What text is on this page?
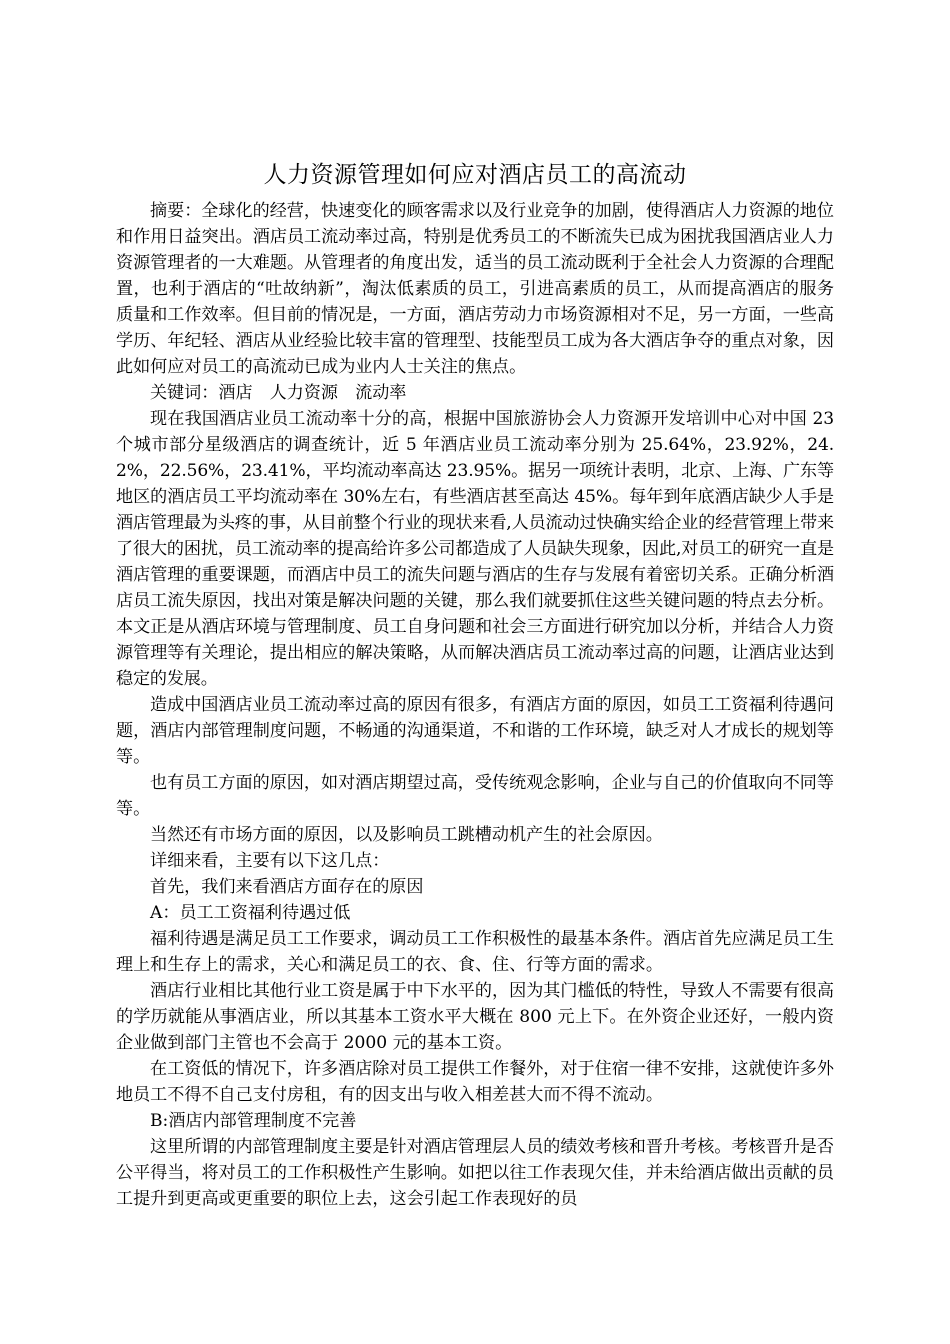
人力资源管理如何应对酒店员工的高流动

摘要：全球化的经营，快速变化的顾客需求以及行业竞争的加剧，使得酒店人力资源的地位和作用日益突出。酒店员工流动率过高，特别是优秀员工的不断流失已成为困扰我国酒店业人力资源管理者的一大难题。从管理者的角度出发，适当的员工流动既利于全社会人力资源的合理配置，也利于酒店的“吐故纳新”，淘汰低素质的员工，引进高素质的员工，从而提高酒店的服务质量和工作效率。但目前的情况是，一方面，酒店劳动力市场资源相对不足，另一方面，一些高学历、年纪轻、酒店从业经验比较丰富的管理型、技能型员工成为各大酒店争夺的重点对象，因此如何应对员工的高流动已成为业内人士关注的焦点。

关键词：酒店　人力资源　流动率

现在我国酒店业员工流动率十分的高，根据中国旅游协会人力资源开发培训中心对中国 23 个城市部分星级酒店的调查统计，近 5 年酒店业员工流动率分别为 25.64%，23.92%，24.2%，22.56%，23.41%，平均流动率高达 23.95%。据另一项统计表明，北京、上海、广东等地区的酒店员工平均流动率在 30%左右，有些酒店甚至高达 45%。每年到年底酒店缺少人手是酒店管理最为头疼的事，从目前整个行业的现状来看,人员流动过快确实给企业的经营管理上带来了很大的困扰，员工流动率的提高给许多公司都造成了人员缺失现象，因此,对员工的研究一直是酒店管理的重要课题，而酒店中员工的流失问题与酒店的生存与发展有着密切关系。正确分析酒店员工流失原因，找出对策是解决问题的关键，那么我们就要抓住这些关键问题的特点去分析。本文正是从酒店环境与管理制度、员工自身问题和社会三方面进行研究加以分析，并结合人力资源管理等有关理论，提出相应的解决策略，从而解决酒店员工流动率过高的问题，让酒店业达到稳定的发展。

造成中国酒店业员工流动率过高的原因有很多，有酒店方面的原因，如员工工资福利待遇问题，酒店内部管理制度问题，不畅通的沟通渠道，不和谐的工作环境，缺乏对人才成长的规划等等。

也有员工方面的原因，如对酒店期望过高，受传统观念影响，企业与自己的价值取向不同等等。

当然还有市场方面的原因，以及影响员工跳槽动机产生的社会原因。

详细来看，主要有以下这几点：

首先，我们来看酒店方面存在的原因

A：员工工资福利待遇过低

福利待遇是满足员工工作要求，调动员工工作积极性的最基本条件。酒店首先应满足员工生理上和生存上的需求，关心和满足员工的衣、食、住、行等方面的需求。

酒店行业相比其他行业工资是属于中下水平的，因为其门槛低的特性，导致人不需要有很高的学历就能从事酒店业，所以其基本工资水平大概在 800 元上下。在外资企业还好，一般内资企业做到部门主管也不会高于 2000 元的基本工资。

在工资低的情况下，许多酒店除对员工提供工作餐外，对于住宿一律不安排，这就使许多外地员工不得不自己支付房租，有的因支出与收入相差甚大而不得不流动。

B:酒店内部管理制度不完善

这里所谓的内部管理制度主要是针对酒店管理层人员的绩效考核和晋升考核。考核晋升是否公平得当，将对员工的工作积极性产生影响。如把以往工作表现欠佳，并未给酒店做出贡献的员工提升到更高或更重要的职位上去，这会引起工作表现好的员
